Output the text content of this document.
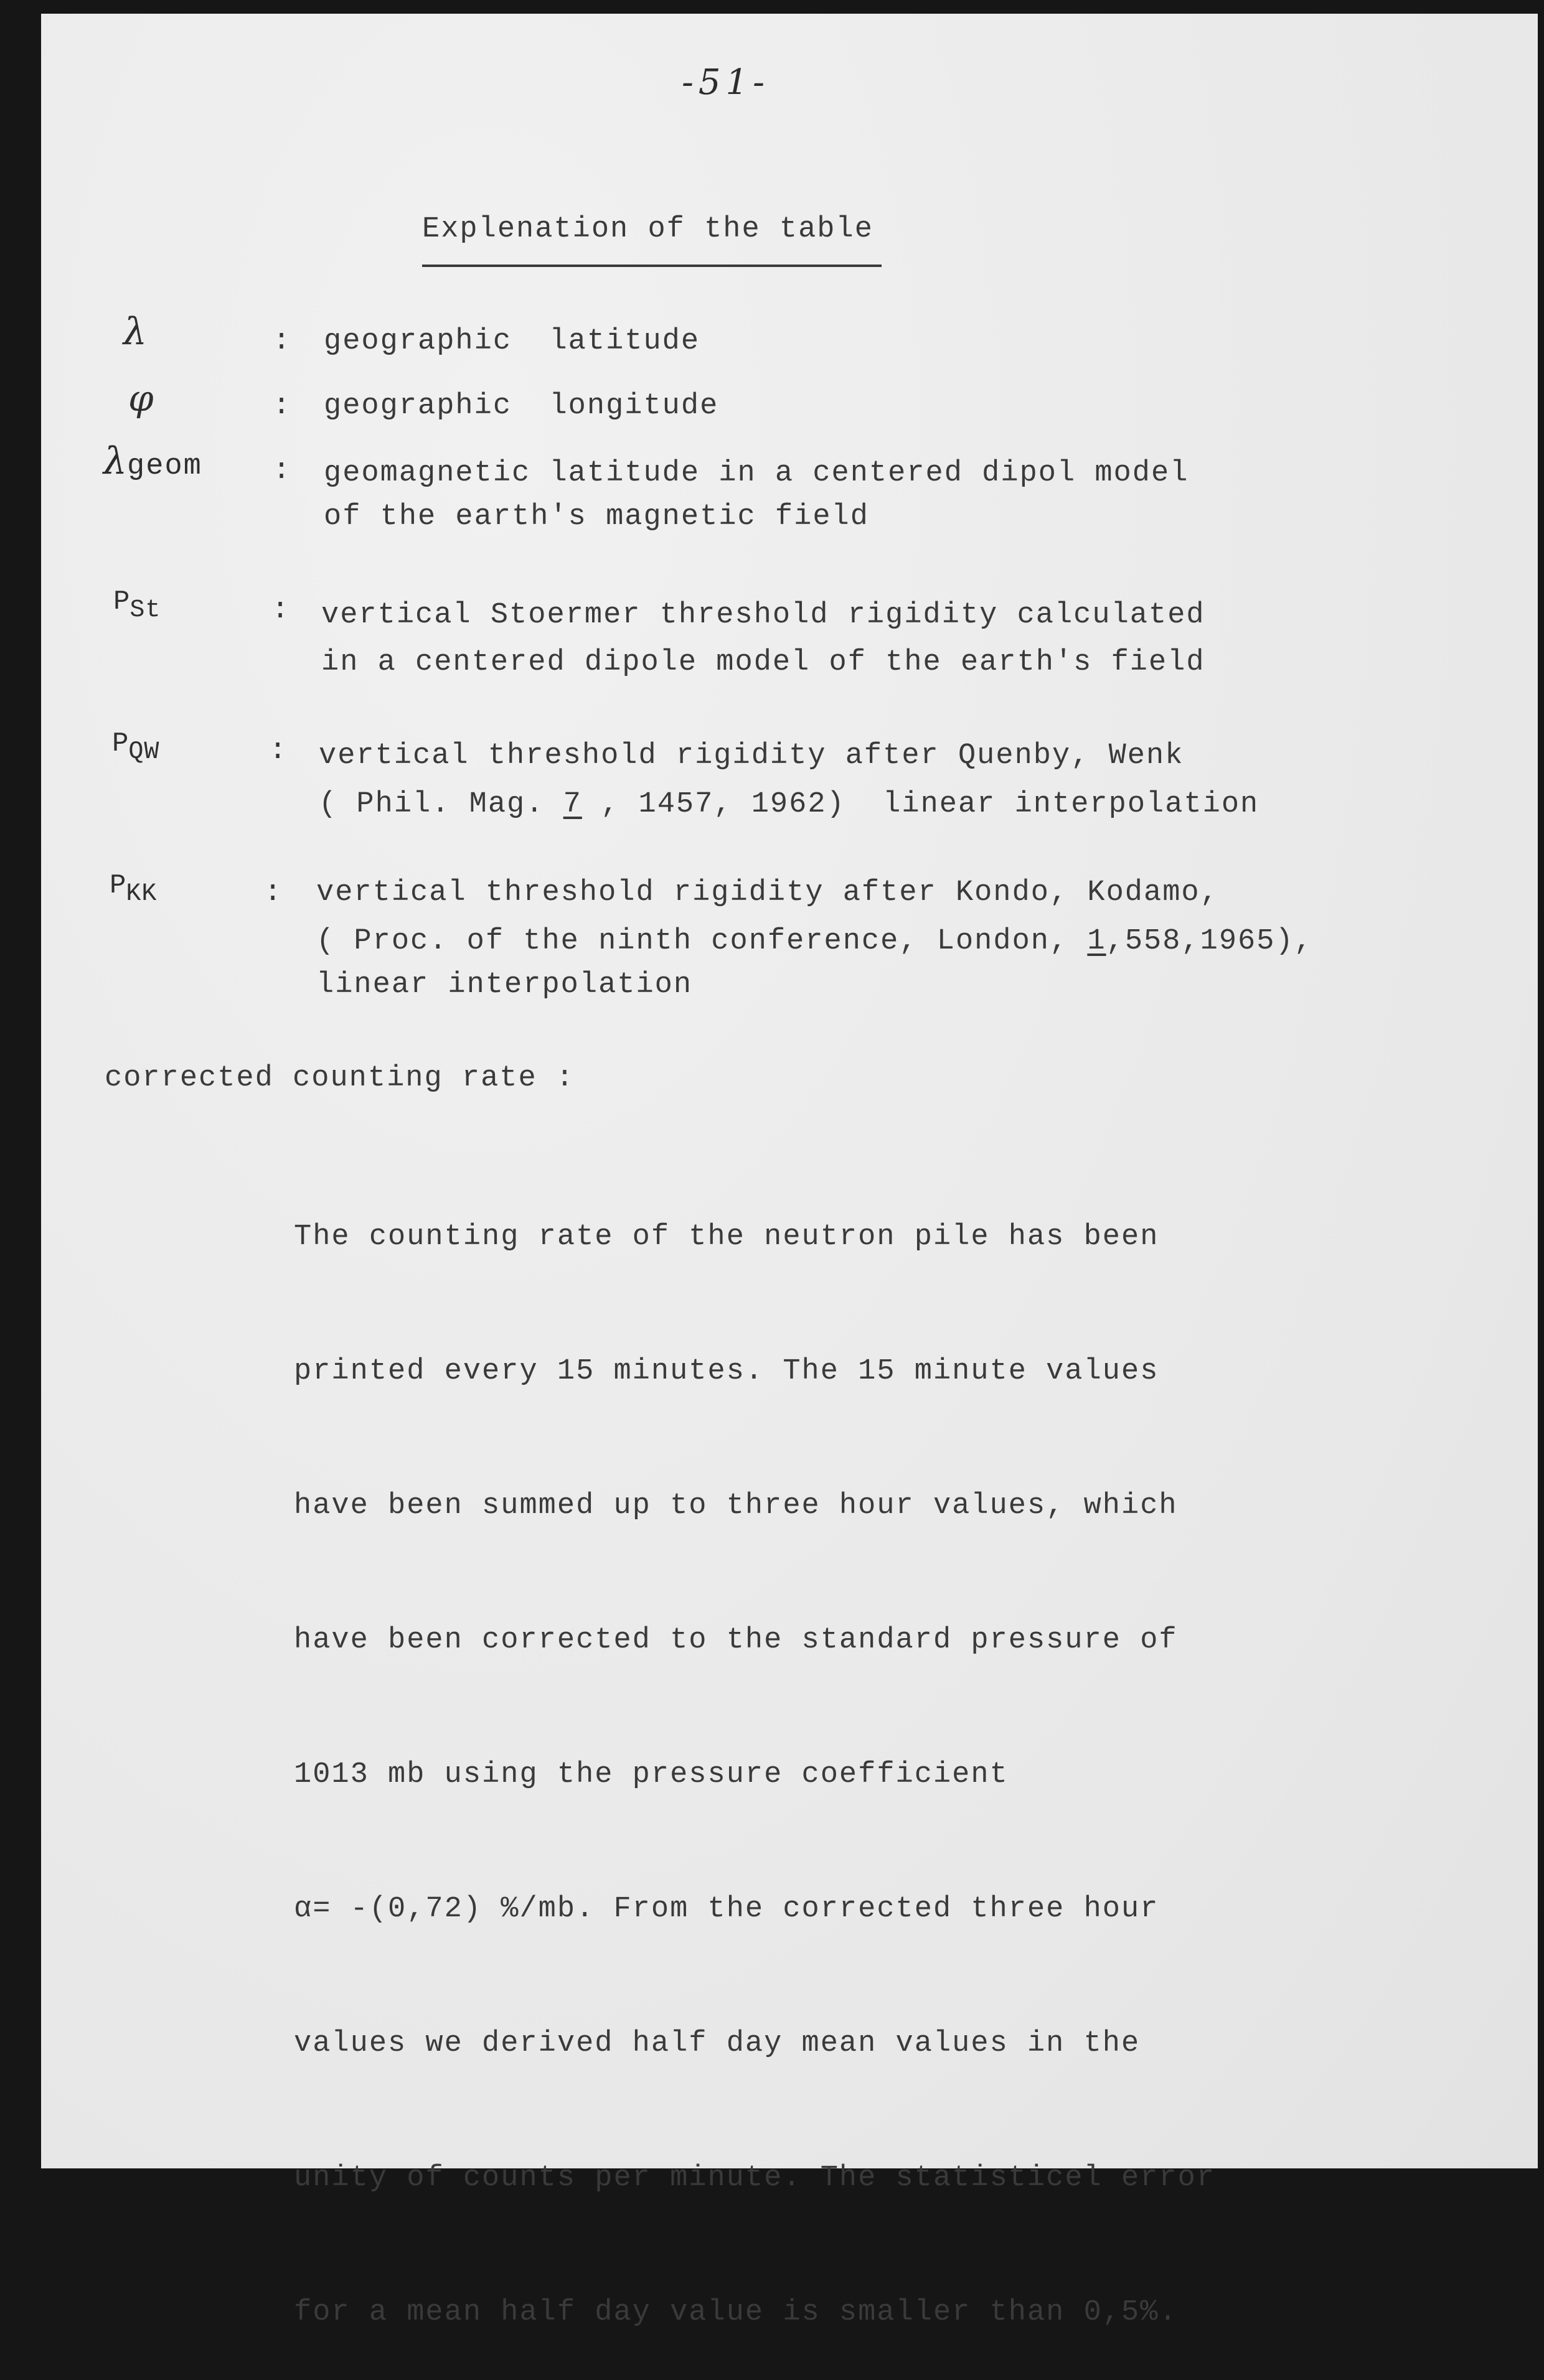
-51-
Explenation of the table
λ	: geographic  latitude
φ	: geographic  longitude
λgeom : geomagnetic latitude in a centered dipol model
of the earth's magnetic field
PSt	: vertical Stoermer threshold rigidity calculated
in a centered dipole model of the earth's field
PQW	: vertical threshold rigidity after Quenby, Wenk
( Phil. Mag. 7 , 1457, 1962)  linear interpolation
PKK	: vertical threshold rigidity after Kondo, Kodamo,
( Proc. of the ninth conference, London, 1,558,1965),
linear interpolation
corrected counting rate :

The counting rate of the neutron pile has been

printed every 15 minutes. The 15 minute values

have been summed up to three hour values, which

have been corrected to the standard pressure of

1013 mb using the pressure coefficient

α= -(0,72) %/mb. From the corrected three hour

values we derived half day mean values in the

unity of counts per minute. The statisticel error

for a mean half day value is smaller than 0,5%.
